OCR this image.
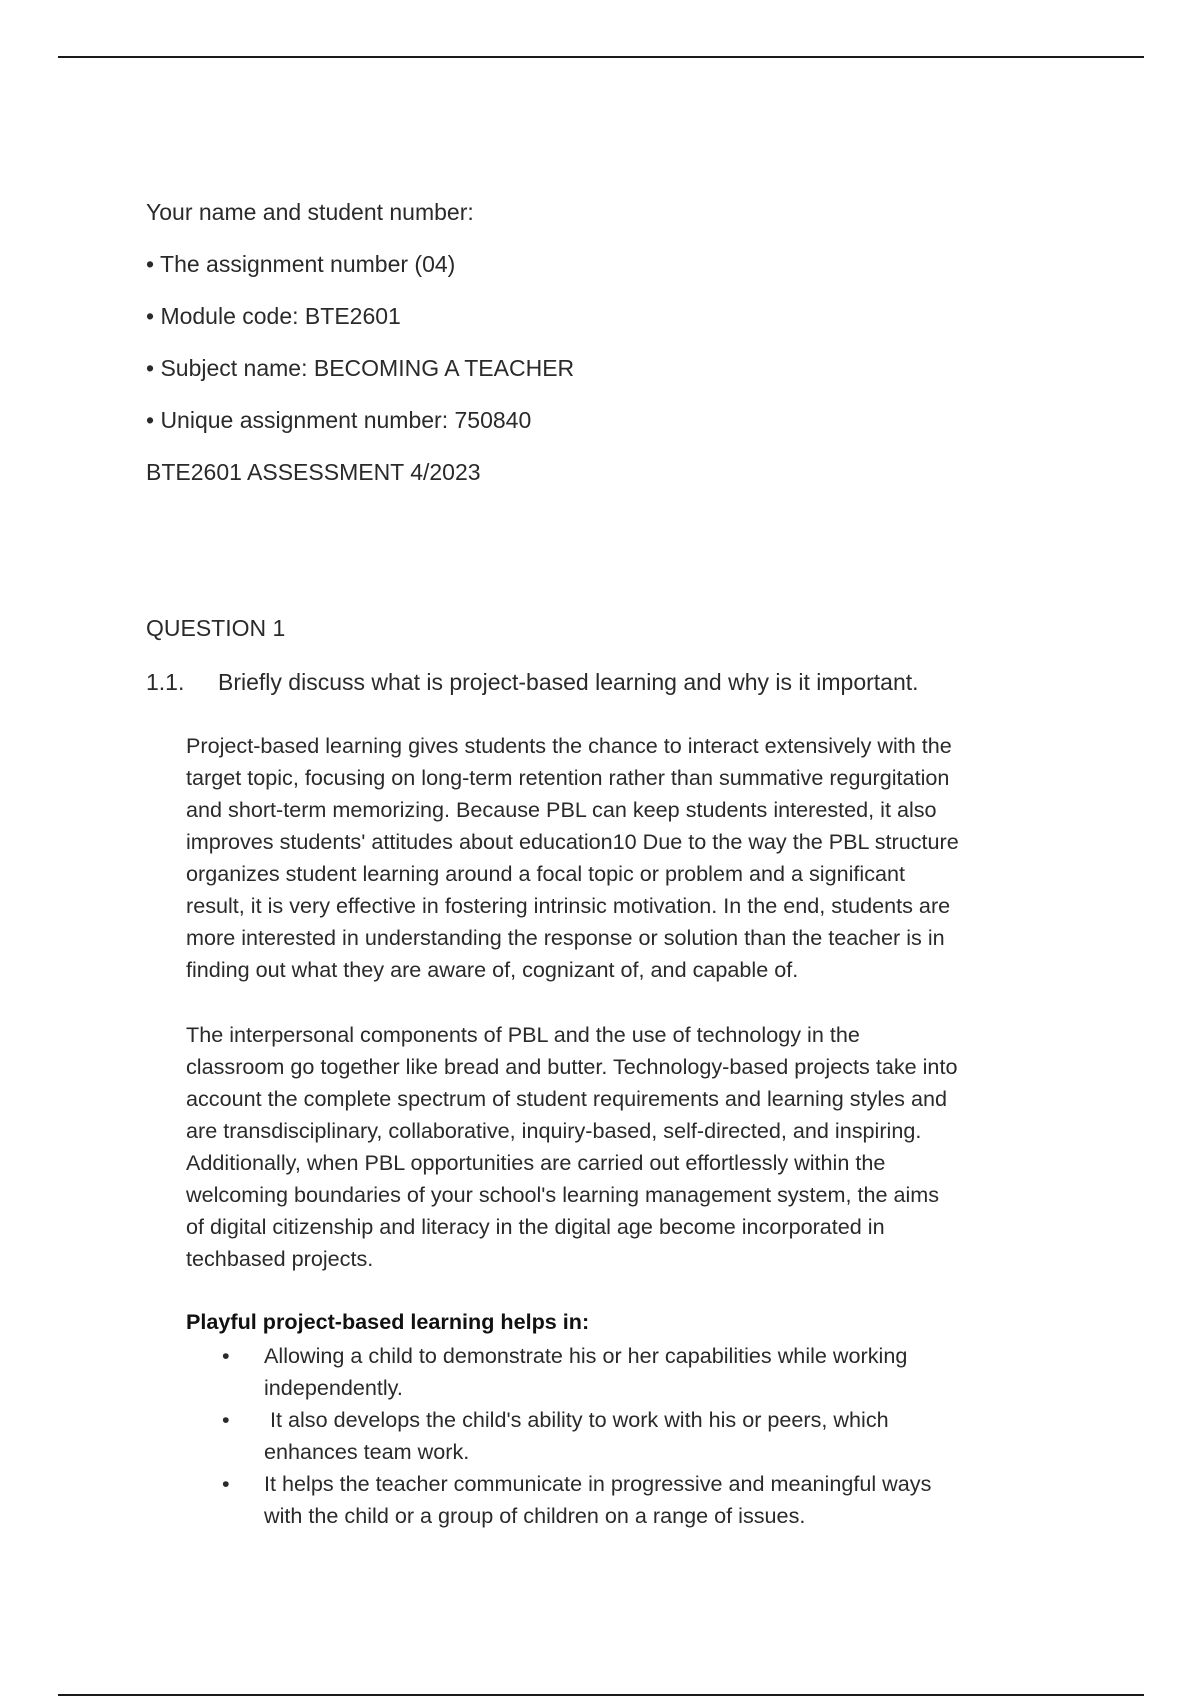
Your name and student number:
• The assignment number (04)
• Module code: BTE2601
• Subject name: BECOMING A TEACHER
• Unique assignment number: 750840
BTE2601 ASSESSMENT 4/2023
QUESTION 1
1.1. Briefly discuss what is project-based learning and why is it important.

Project-based learning gives students the chance to interact extensively with the
target topic, focusing on long-term retention rather than summative regurgitation
and short-term memorizing. Because PBL can keep students interested, it also
improves students' attitudes about education10 Due to the way the PBL structure
organizes student learning around a focal topic or problem and a significant
result, it is very effective in fostering intrinsic motivation. In the end, students are
more interested in understanding the response or solution than the teacher is in
finding out what they are aware of, cognizant of, and capable of.

The interpersonal components of PBL and the use of technology in the
classroom go together like bread and butter. Technology-based projects take into
account the complete spectrum of student requirements and learning styles and
are transdisciplinary, collaborative, inquiry-based, self-directed, and inspiring.
Additionally, when PBL opportunities are carried out effortlessly within the
welcoming boundaries of your school's learning management system, the aims
of digital citizenship and literacy in the digital age become incorporated in
techbased projects.

Playful project-based learning helps in:
• Allowing a child to demonstrate his or her capabilities while working
independently.
• It also develops the child's ability to work with his or peers, which
enhances team work.
• It helps the teacher communicate in progressive and meaningful ways
with the child or a group of children on a range of issues.
